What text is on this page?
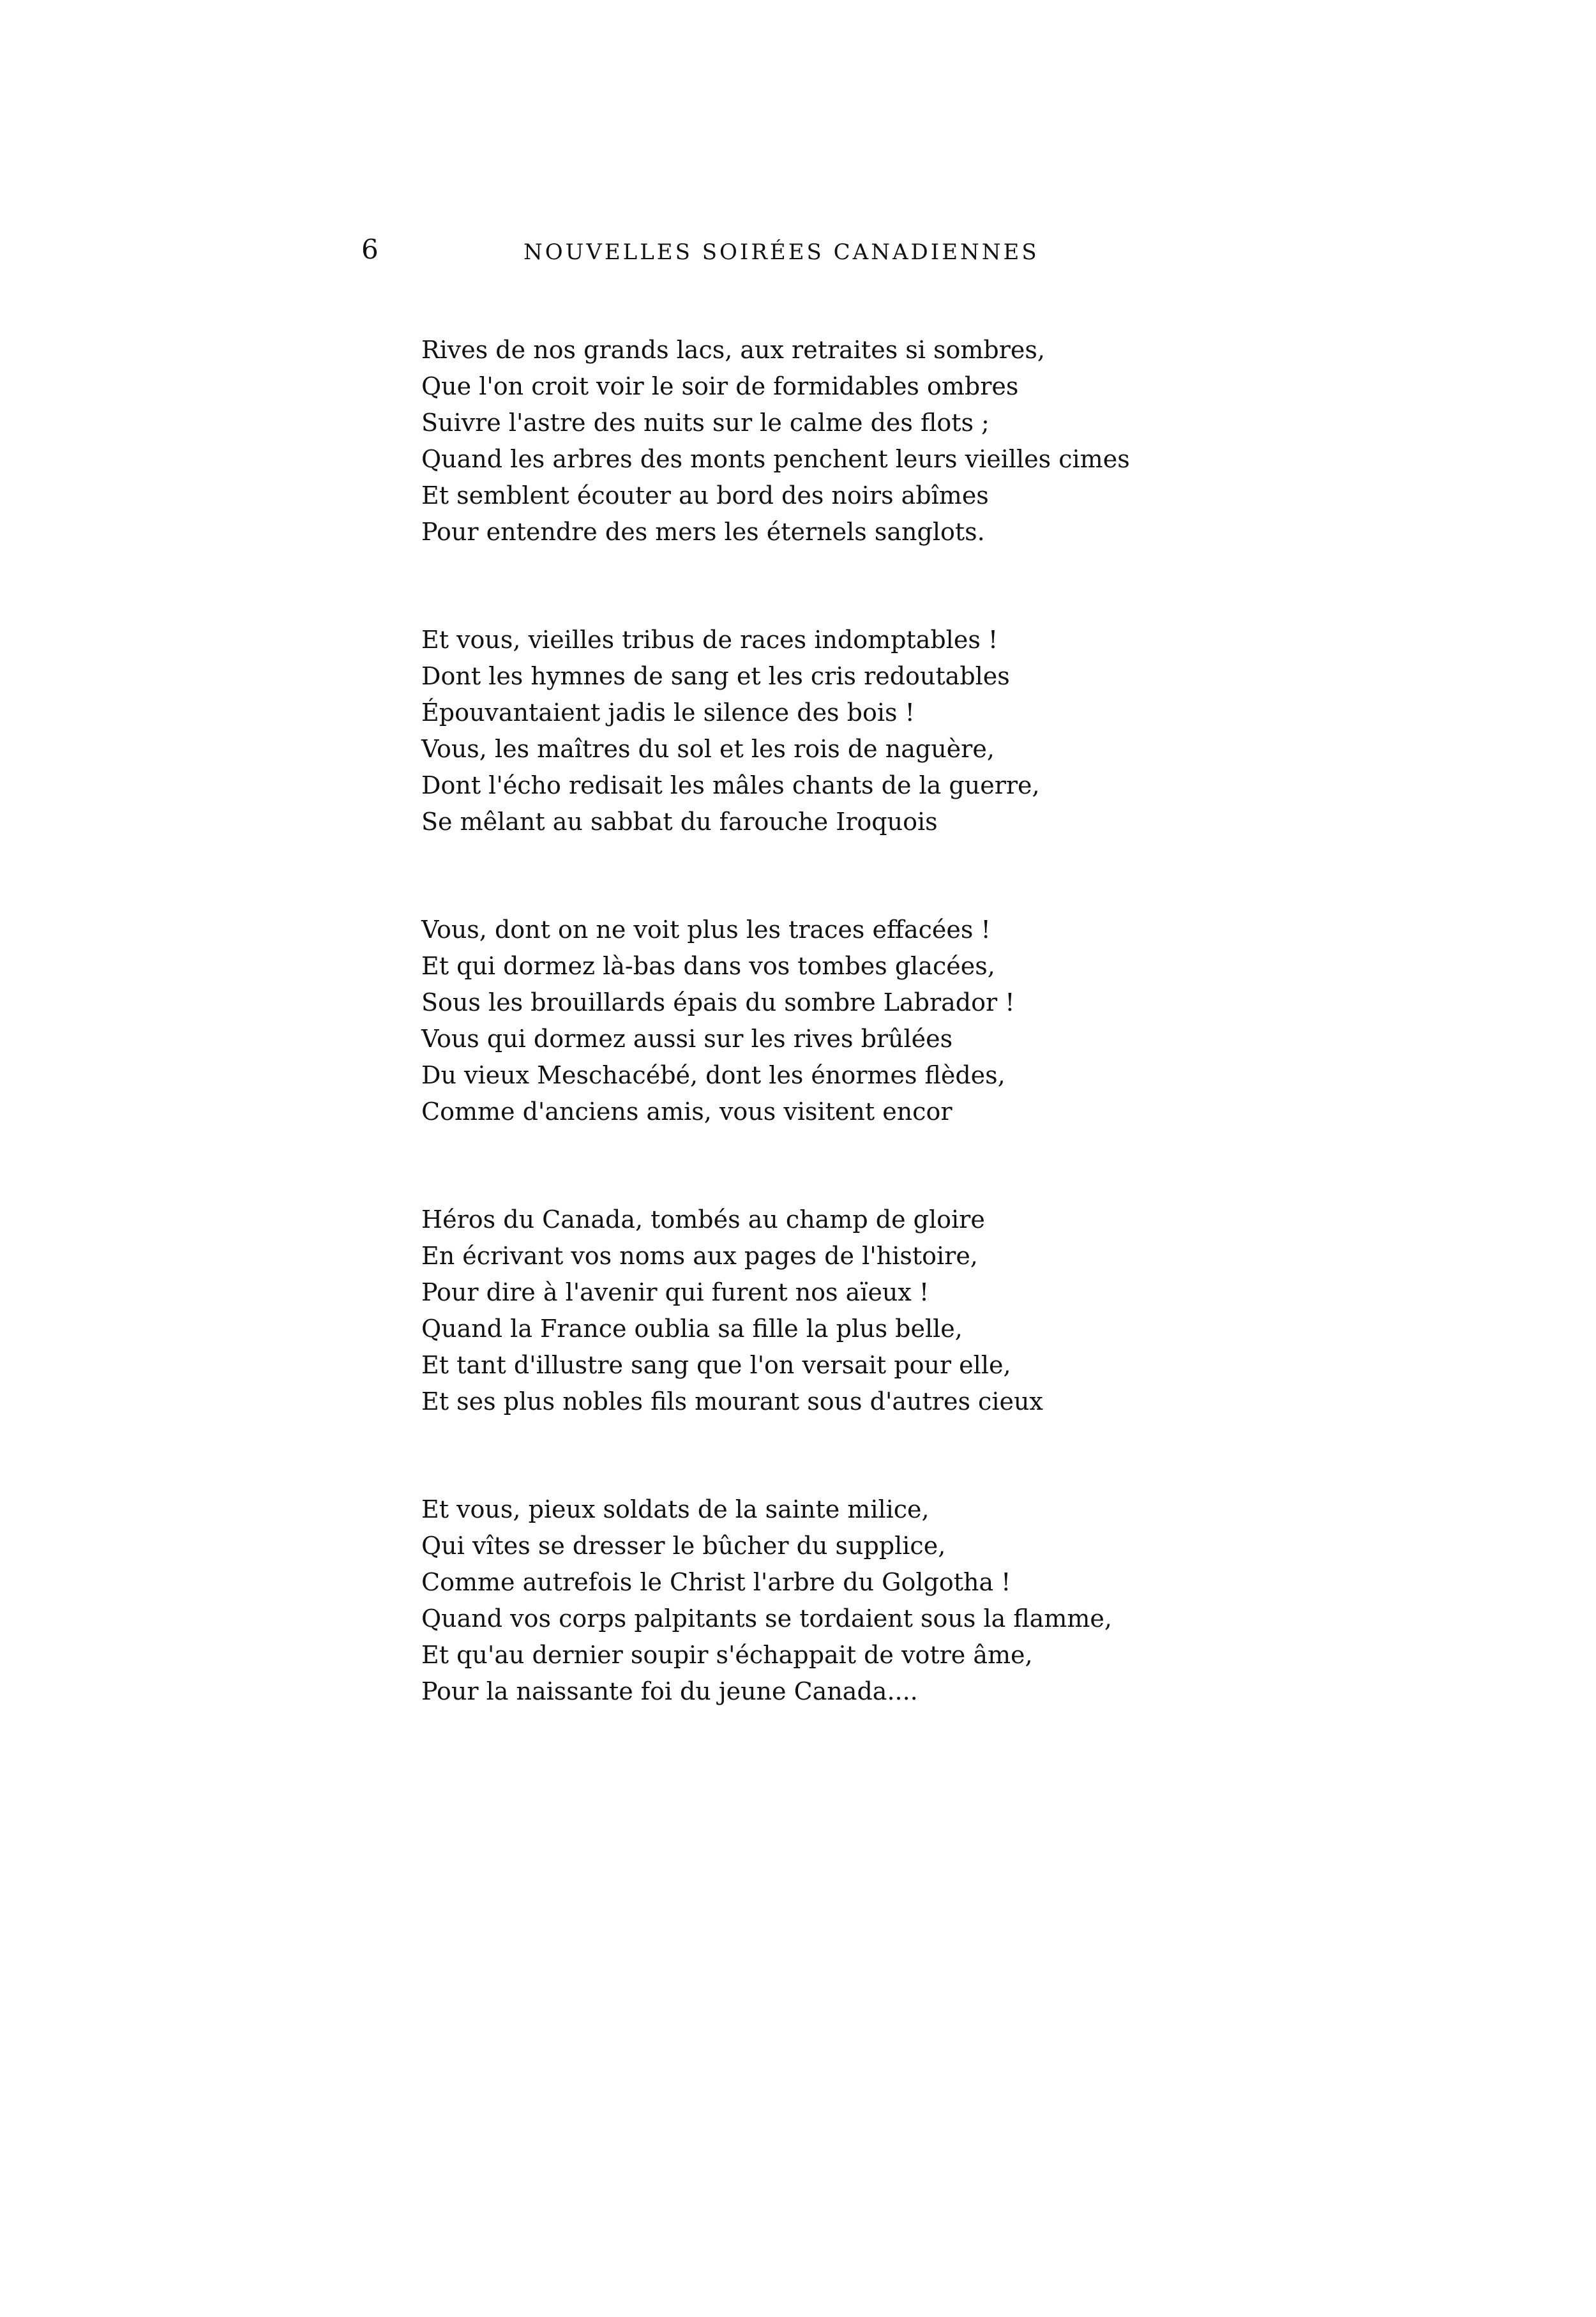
6	NOUVELLES SOIRÉES CANADIENNES
Rives de nos grands lacs, aux retraites si sombres,
Que l'on croit voir le soir de formidables ombres
Suivre l'astre des nuits sur le calme des flots ;
Quand les arbres des monts penchent leurs vieilles cimes
Et semblent écouter au bord des noirs abîmes
Pour entendre des mers les éternels sanglots.
Et vous, vieilles tribus de races indomptables !
Dont les hymnes de sang et les cris redoutables
Épouvantaient jadis le silence des bois !
Vous, les maîtres du sol et les rois de naguère,
Dont l'écho redisait les mâles chants de la guerre,
Se mêlant au sabbat du farouche Iroquois
Vous, dont on ne voit plus les traces effacées !
Et qui dormez là-bas dans vos tombes glacées,
Sous les brouillards épais du sombre Labrador !
Vous qui dormez aussi sur les rives brûlées
Du vieux Meschacébé, dont les énormes flèdes,
Comme d'anciens amis, vous visitent encor
Héros du Canada, tombés au champ de gloire
En écrivant vos noms aux pages de l'histoire,
Pour dire à l'avenir qui furent nos aïeux !
Quand la France oublia sa fille la plus belle,
Et tant d'illustre sang que l'on versait pour elle,
Et ses plus nobles fils mourant sous d'autres cieux
Et vous, pieux soldats de la sainte milice,
Qui vîtes se dresser le bûcher du supplice,
Comme autrefois le Christ l'arbre du Golgotha !
Quand vos corps palpitants se tordaient sous la flamme,
Et qu'au dernier soupir s'échappait de votre âme,
Pour la naissante foi du jeune Canada....
